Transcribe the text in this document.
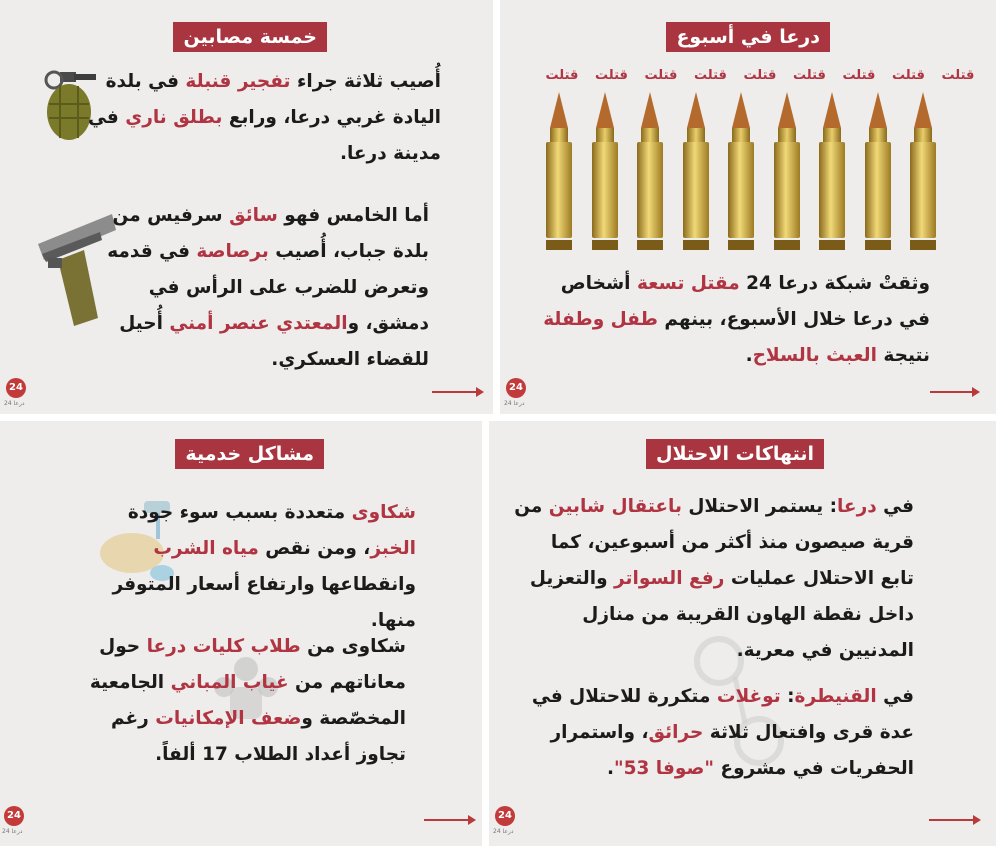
درعا في أسبوع
قتلت	قتلت	قتلت	قتلت	قتلت	قتلت	قتلت	قتلت	قتلت
وثقتْ شبكة درعا 24 مقتل تسعة أشخاص في درعا خلال الأسبوع، بينهم طفل وطفلة نتيجة العبث بالسلاح.
24
درعا 24
خمسة مصابين
أُصيب ثلاثة جراء تفجير قنبلة في بلدة اليادة غربي درعا، ورابع بطلق ناري في مدينة درعا.
أما الخامس فهو سائق سرفيس من بلدة جباب، أُصيب برصاصة في قدمه وتعرض للضرب على الرأس في دمشق، والمعتدي عنصر أمني أُحيل للقضاء العسكري.
24
درعا 24
مشاكل خدمية
شكاوى متعددة بسبب سوء جودة الخبز، ومن نقص مياه الشرب وانقطاعها وارتفاع أسعار المتوفر منها.
شكاوى من طلاب كليات درعا حول معاناتهم من غياب المباني الجامعية المخصّصة وضعف الإمكانيات رغم تجاوز أعداد الطلاب 17 ألفاً.
24
درعا 24
انتهاكات الاحتلال
في درعا: يستمر الاحتلال باعتقال شابين من قرية صيصون منذ أكثر من أسبوعين، كما تابع الاحتلال عمليات رفع السواتر والتعزيل داخل نقطة الهاون القريبة من منازل المدنيين في معرية.
في القنيطرة: توغلات متكررة للاحتلال في عدة قرى وافتعال ثلاثة حرائق، واستمرار الحفريات في مشروع "صوفا 53".
24
درعا 24
